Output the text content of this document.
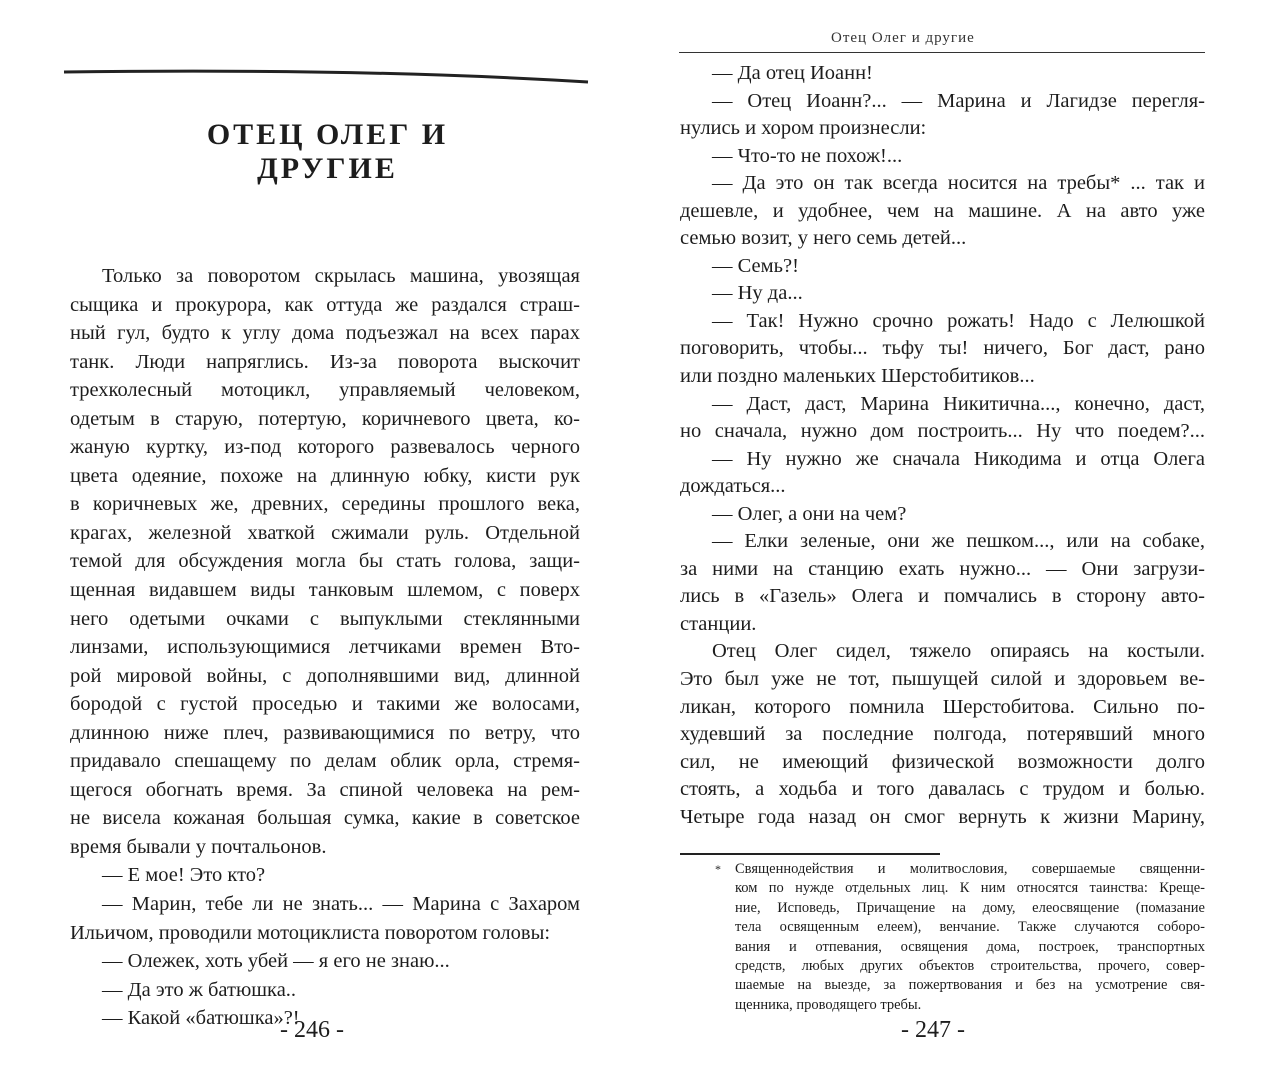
ОТЕЦ ОЛЕГ И ДРУГИЕ
Только за поворотом скрылась машина, увозящая
сыщика и прокурора, как оттуда же раздался страш-
ный гул, будто к углу дома подъезжал на всех парах
танк. Люди напряглись. Из-за поворота выскочит
трехколесный мотоцикл, управляемый человеком,
одетым в старую, потертую, коричневого цвета, ко-
жаную куртку, из-под которого развевалось черного
цвета одеяние, похоже на длинную юбку, кисти рук
в коричневых же, древних, середины прошлого века,
крагах, железной хваткой сжимали руль. Отдельной
темой для обсуждения могла бы стать голова, защи-
щенная видавшем виды танковым шлемом, с поверх
него одетыми очками с выпуклыми стеклянными
линзами, использующимися летчиками времен Вто-
рой мировой войны, с дополнявшими вид, длинной
бородой с густой проседью и такими же волосами,
длинною ниже плеч, развивающимися по ветру, что
придавало спешащему по делам облик орла, стремя-
щегося обогнать время. За спиной человека на рем-
не висела кожаная большая сумка, какие в советское
время бывали у почтальонов.
— Е мое! Это кто?
— Марин, тебе ли не знать... — Марина с Захаром
Ильичом, проводили мотоциклиста поворотом головы:
— Олежек, хоть убей — я его не знаю...
— Да это ж батюшка..
— Какой «батюшка»?!
- 246 -
Отец Олег и другие
— Да отец Иоанн!
— Отец Иоанн?... — Марина и Лагидзе перегля-
нулись и хором произнесли:
— Что-то не похож!...
— Да это он так всегда носится на требы* ... так и
дешевле, и удобнее, чем на машине. А на авто уже
семью возит, у него семь детей...
— Семь?!
— Ну да...
— Так! Нужно срочно рожать! Надо с Лелюшкой
поговорить, чтобы... тьфу ты! ничего, Бог даст, рано
или поздно маленьких Шерстобитиков...
— Даст, даст, Марина Никитична..., конечно, даст,
но сначала, нужно дом построить... Ну что поедем?...
— Ну нужно же сначала Никодима и отца Олега
дождаться...
— Олег, а они на чем?
— Елки зеленые, они же пешком..., или на собаке,
за ними на станцию ехать нужно... — Они загрузи-
лись в «Газель» Олега и помчались в сторону авто-
станции.
Отец Олег сидел, тяжело опираясь на костыли.
Это был уже не тот, пышущей силой и здоровьем ве-
ликан, которого помнила Шерстобитова. Сильно по-
худевший за последние полгода, потерявший много
сил, не имеющий физической возможности долго
стоять, а ходьба и того давалась с трудом и болью.
Четыре года назад он смог вернуть к жизни Марину,
* Священнодействия и молитвословия, совершаемые священни-
ком по нужде отдельных лиц. К ним относятся таинства: Креще-
ние, Исповедь, Причащение на дому, елеосвящение (помазание
тела освященным елеем), венчание. Также случаются соборо-
вания и отпевания, освящения дома, построек, транспортных
средств, любых других объектов строительства, прочего, совер-
шаемые на выезде, за пожертвования и без на усмотрение свя-
щенника, проводящего требы.
- 247 -
